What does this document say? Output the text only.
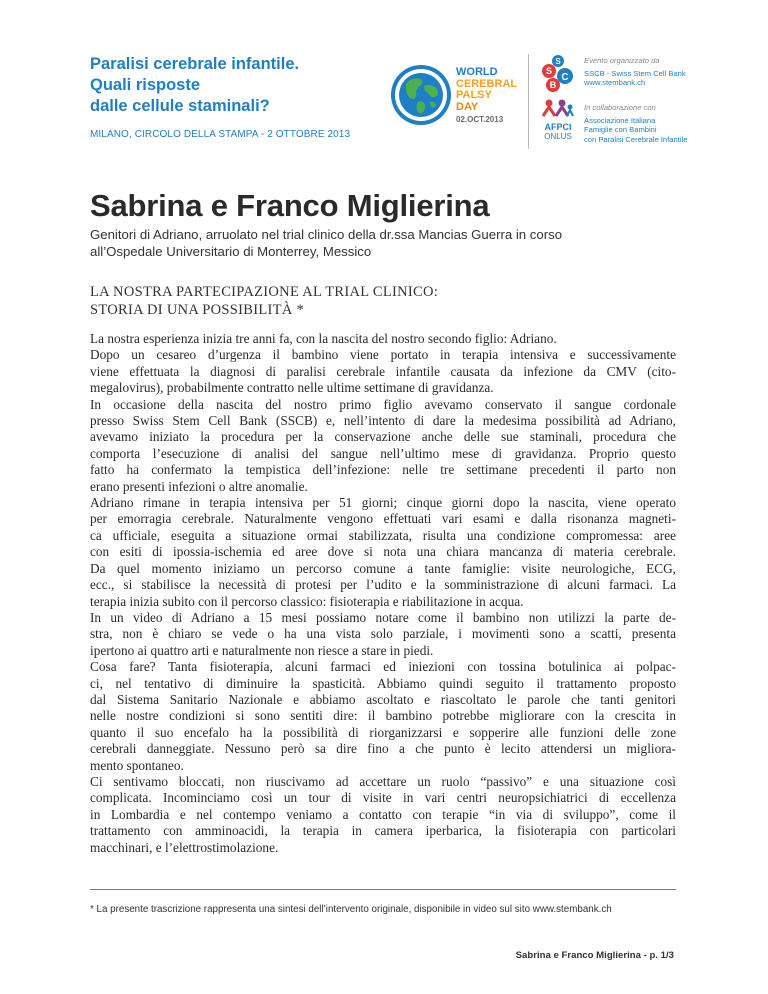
Paralisi cerebrale infantile.
Quali risposte
dalle cellule staminali?
MILANO, CIRCOLO DELLA STAMPA - 2 OTTOBRE 2013
WORLD
CEREBRAL
PALSY
DAY
02.OCT.2013
S
S
C
B
Evento organizzato da
SSCB - Swiss Stem Cell Bank
www.stembank.ch
AFPCI
ONLUS
In collaborazione con
Associazione Italiana
Famiglie con Bambini
con Paralisi Cerebrale Infantile
Sabrina e Franco Miglierina
Genitori di Adriano, arruolato nel trial clinico della dr.ssa Mancias Guerra in corso
all’Ospedale Universitario di Monterrey, Messico
LA NOSTRA PARTECIPAZIONE AL TRIAL CLINICO:
STORIA DI UNA POSSIBILITÀ *
La nostra esperienza inizia tre anni fa, con la nascita del nostro secondo figlio: Adriano.
Dopo un cesareo d’urgenza il bambino viene portato in terapia intensiva e successivamente
viene effettuata la diagnosi di paralisi cerebrale infantile causata da infezione da CMV (cito-
megalovirus), probabilmente contratto nelle ultime settimane di gravidanza.
In occasione della nascita del nostro primo figlio avevamo conservato il sangue cordonale
presso Swiss Stem Cell Bank (SSCB) e, nell’intento di dare la medesima possibilità ad Adriano,
avevamo iniziato la procedura per la conservazione anche delle sue staminali, procedura che
comporta l’esecuzione di analisi del sangue nell’ultimo mese di gravidanza. Proprio questo
fatto ha confermato la tempistica dell’infezione: nelle tre settimane precedenti il parto non
erano presenti infezioni o altre anomalie.
Adriano rimane in terapia intensiva per 51 giorni; cinque giorni dopo la nascita, viene operato
per emorragia cerebrale. Naturalmente vengono effettuati vari esami e dalla risonanza magneti-
ca ufficiale, eseguita a situazione ormai stabilizzata, risulta una condizione compromessa: aree
con esiti di ipossia-ischemia ed aree dove si nota una chiara mancanza di materia cerebrale.
Da quel momento iniziamo un percorso comune a tante famiglie: visite neurologiche, ECG,
ecc., si stabilisce la necessità di protesi per l’udito e la somministrazione di alcuni farmaci. La
terapia inizia subito con il percorso classico: fisioterapia e riabilitazione in acqua.
In un video di Adriano a 15 mesi possiamo notare come il bambino non utilizzi la parte de-
stra, non è chiaro se vede o ha una vista solo parziale, i movimenti sono a scatti, presenta
ipertono ai quattro arti e naturalmente non riesce a stare in piedi.
Cosa fare? Tanta fisioterapia, alcuni farmaci ed iniezioni con tossina botulinica ai polpac-
ci, nel tentativo di diminuire la spasticità. Abbiamo quindi seguito il trattamento proposto
dal Sistema Sanitario Nazionale e abbiamo ascoltato e riascoltato le parole che tanti genitori
nelle nostre condizioni si sono sentiti dire: il bambino potrebbe migliorare con la crescita in
quanto il suo encefalo ha la possibilità di riorganizzarsi e sopperire alle funzioni delle zone
cerebrali danneggiate. Nessuno però sa dire fino a che punto è lecito attendersi un migliora-
mento spontaneo.
Ci sentivamo bloccati, non riuscivamo ad accettare un ruolo “passivo” e una situazione così
complicata. Incominciamo così un tour di visite in vari centri neuropsichiatrici di eccellenza
in Lombardia e nel contempo veniamo a contatto con terapie “in via di sviluppo”, come il
trattamento con amminoacidi, la terapia in camera iperbarica, la fisioterapia con particolari
macchinari, e l’elettrostimolazione.
* La presente trascrizione rappresenta una sintesi dell’intervento originale, disponibile in video sul sito www.stembank.ch
Sabrina e Franco Miglierina - p. 1/3
